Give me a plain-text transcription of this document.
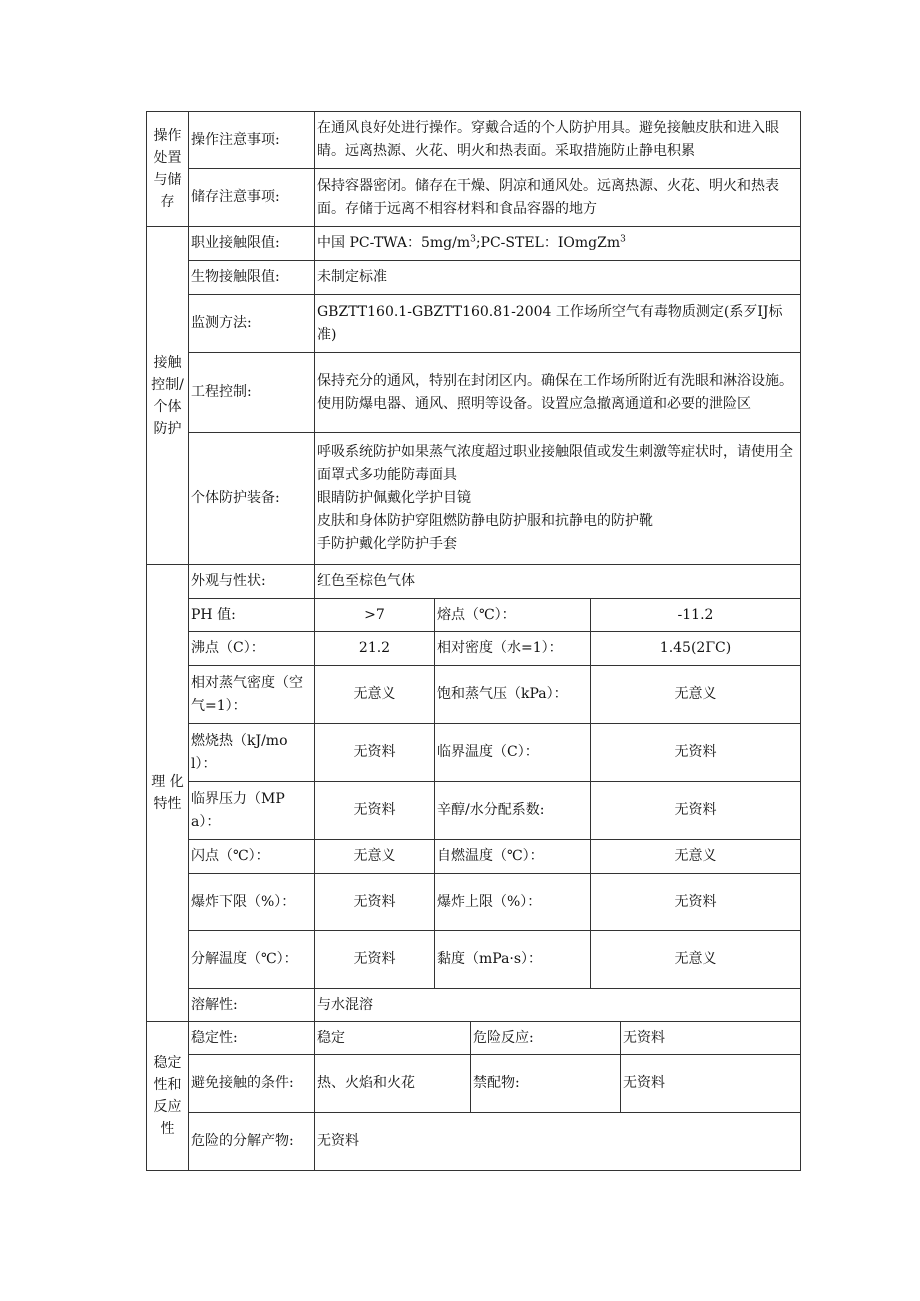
操作处置与储存	操作注意事项:	在通风良好处进行操作。穿戴合适的个人防护用具。避免接触皮肤和进入眼睛。远离热源、火花、明火和热表面。采取措施防止静电积累				
	储存注意事项:	保持容器密闭。储存在干燥、阴凉和通风处。远离热源、火花、明火和热表面。存储于远离不相容材料和食品容器的地方				
接触控制/个体防护	职业接触限值:	中国 PC-TWA：$5mg/m^3;PC$-STEL：IOmgZm$^3$
	生物接触限值:	未制定标准				
	监测方法:	GBZTT160.1-GBZTT160.81-2004 工作场所空气有毒物质测定(系歹IJ标准)				
	工程控制:	保持充分的通风，特别在封闭区内。确保在工作场所附近有洗眼和淋浴设施。使用防爆电器、通风、照明等设备。设置应急撤离通道和必要的泄险区				
	个体防护装备:	呼吸系统防护如果蒸气浓度超过职业接触限值或发生刺激等症状时，请使用全面罩式多功能防毒面具
眼睛防护佩戴化学护目镜
皮肤和身体防护穿阻燃防静电防护服和抗静电的防护靴
手防护戴化学防护手套				

理 化 特性	外观与性状:	红色至棕色气体				
	PH 值:	>7	熔点（℃）：		-11.2	
	沸点（C）：	21.2	相对密度（水=1）：		1.45(2ΓC)	
	相对蒸气密度（空气=1）：	无意义	饱和蒸气压（kPa）：		无意义	
	燃烧热（kJ/mol）：	无资料	临界温度（C）：		无资料	
	临界压力（MPa）：	无资料	辛醇/水分配系数:		无资料	
	闪点（℃）：	无意义	自燃温度（℃）：		无意义	
	爆炸下限（%）：	无资料	爆炸上限（%）：		无资料	
	分解温度（℃）：	无资料	黏度（mPa·s）：		无意义	
	溶解性:	与水混溶				
稳定性和反应性	稳定性:	稳定		危险反应:		无资料
	避免接触的条件:	热、火焰和火花		禁配物:		无资料
	危险的分解产物:	无资料				
